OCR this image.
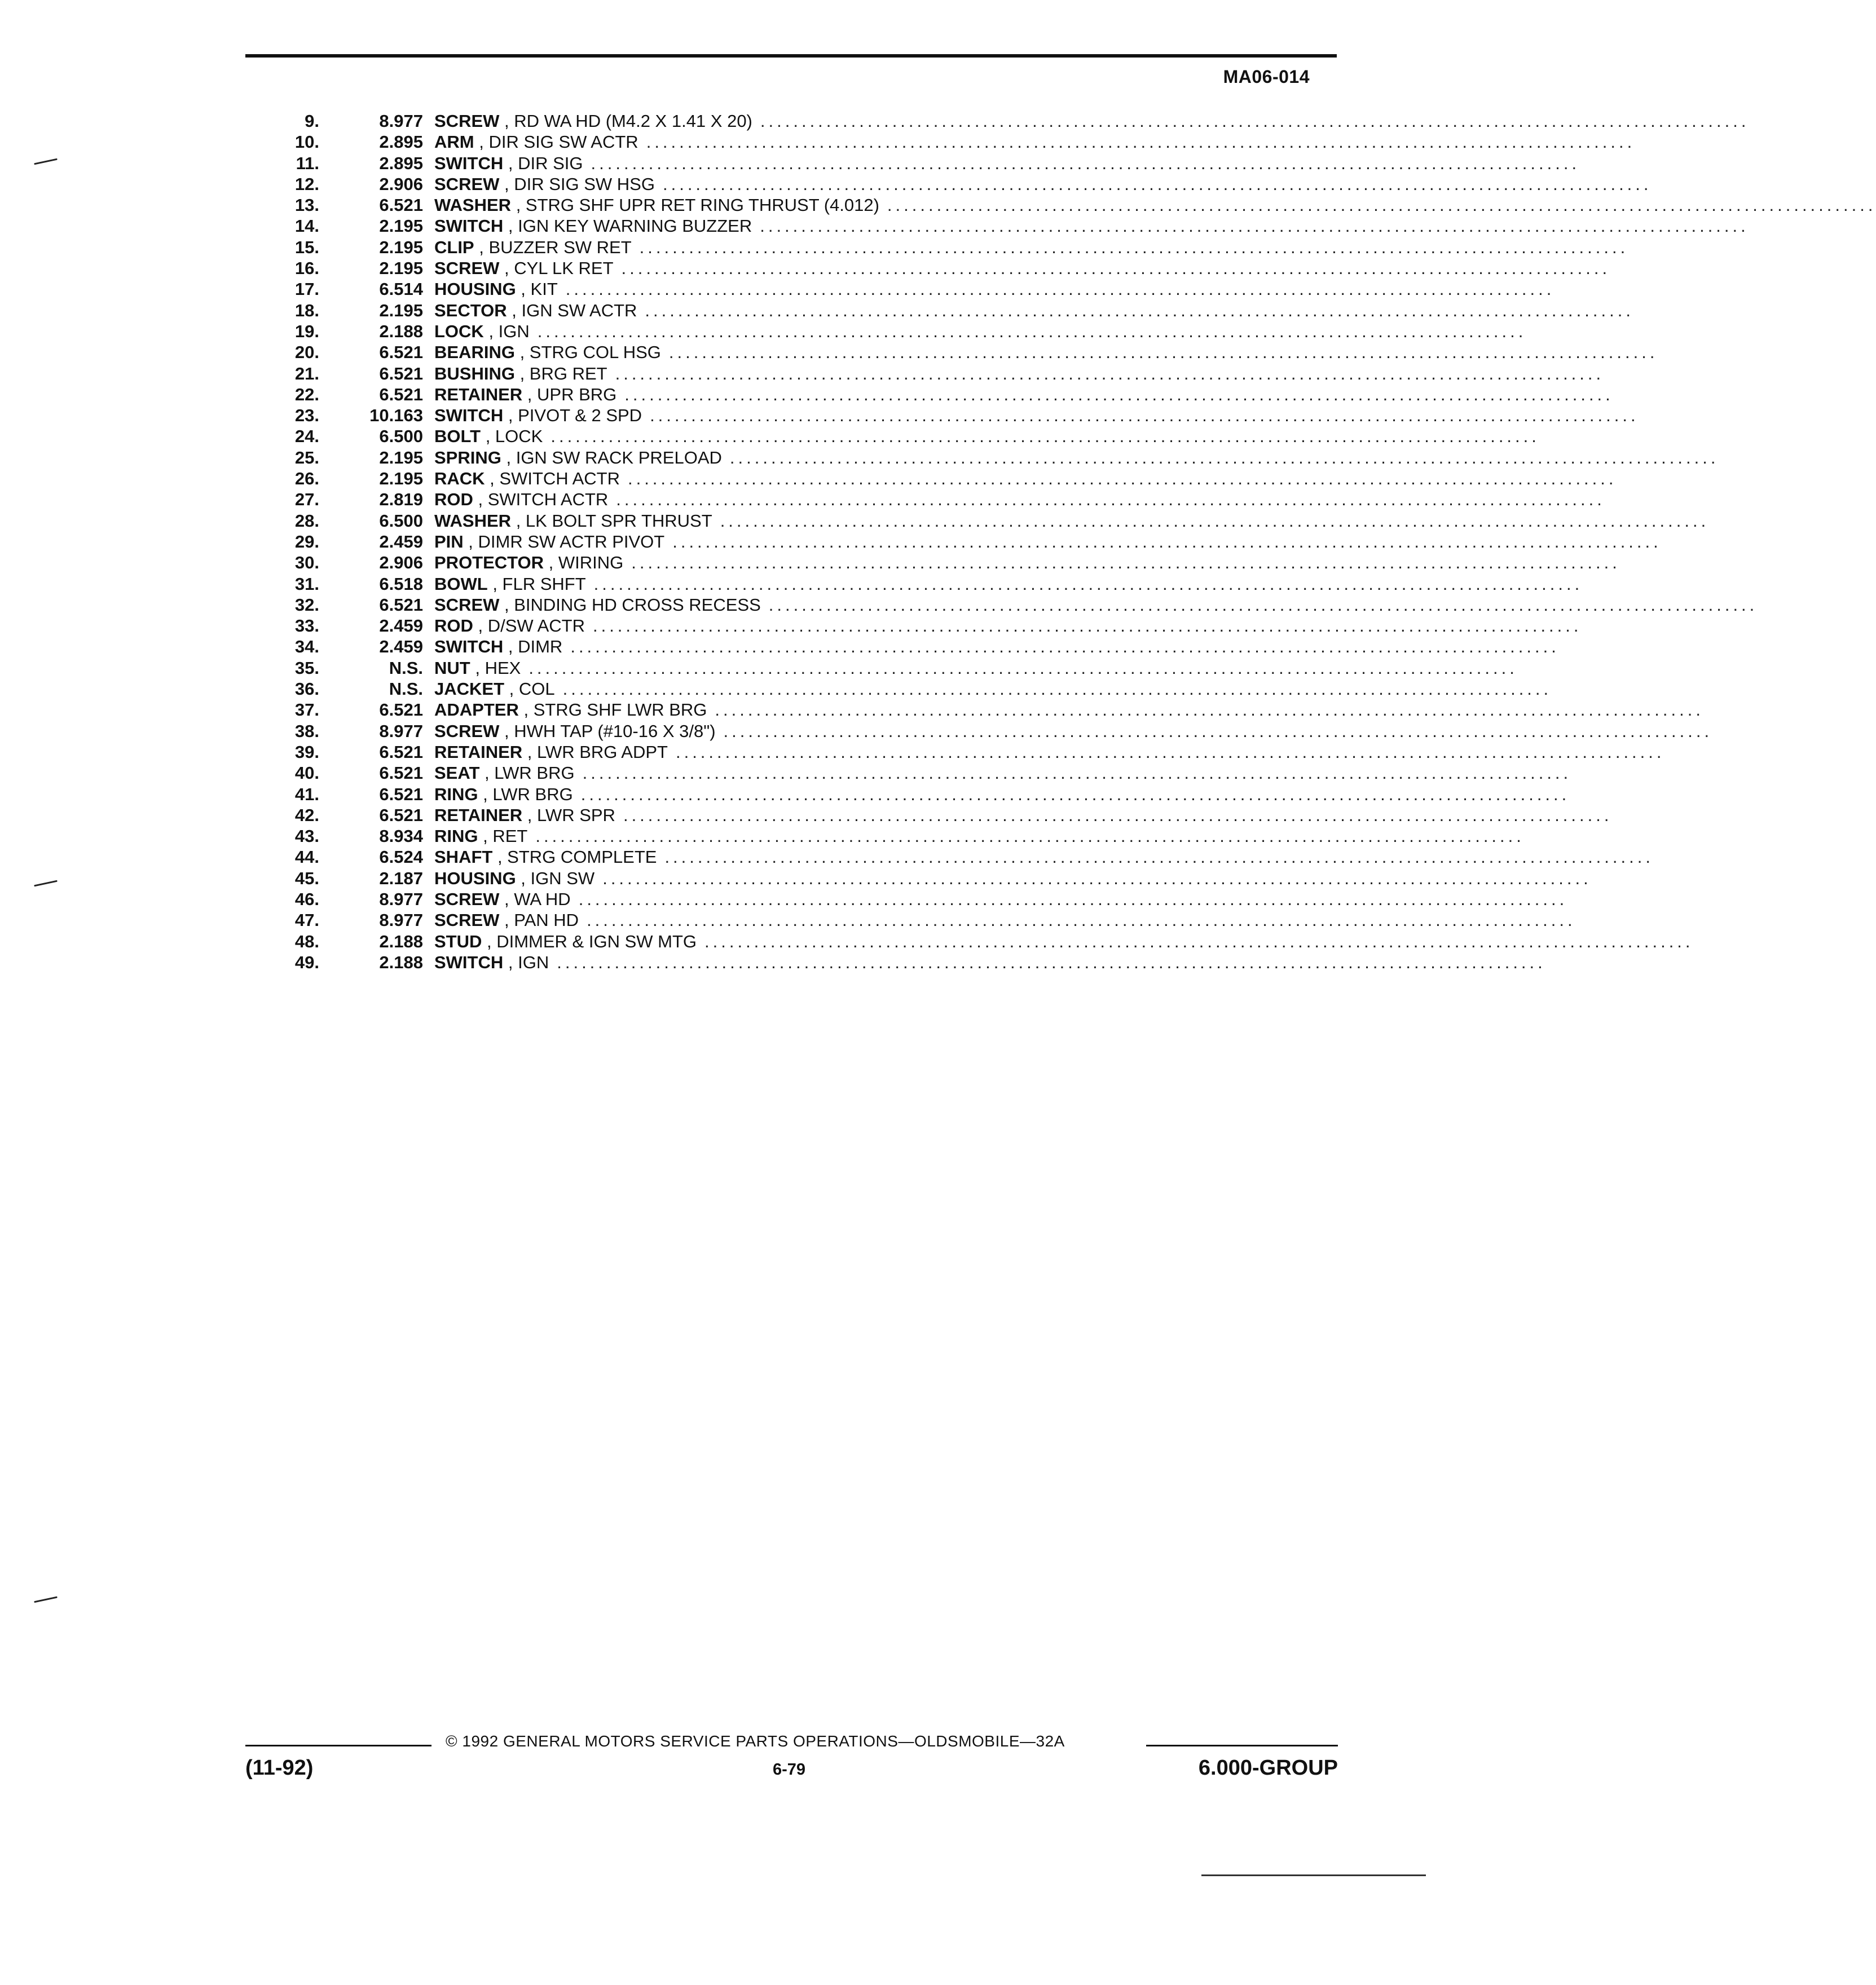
MA06-014
9.	8.977 SCREW , RD WA HD (M4.2 X 1.41 X 20) ........................................................................................................................
10.	2.895 ARM , DIR SIG SW ACTR ........................................................................................................................
11.	2.895 SWITCH , DIR SIG ........................................................................................................................
12.	2.906 SCREW , DIR SIG SW HSG ........................................................................................................................
13.	6.521 WASHER , STRG SHF UPR RET RING THRUST (4.012) ........................................................................................................................
14.	2.195 SWITCH , IGN KEY WARNING BUZZER ........................................................................................................................
15.	2.195 CLIP , BUZZER SW RET ........................................................................................................................
16.	2.195 SCREW , CYL LK RET ........................................................................................................................
17.	6.514 HOUSING , KIT ........................................................................................................................
18.	2.195 SECTOR , IGN SW ACTR ........................................................................................................................
19.	2.188 LOCK , IGN ........................................................................................................................
20.	6.521 BEARING , STRG COL HSG ........................................................................................................................
21.	6.521 BUSHING , BRG RET ........................................................................................................................
22.	6.521 RETAINER , UPR BRG ........................................................................................................................
23.	10.163 SWITCH , PIVOT & 2 SPD ........................................................................................................................
24.	6.500 BOLT , LOCK ........................................................................................................................
25.	2.195 SPRING , IGN SW RACK PRELOAD ........................................................................................................................
26.	2.195 RACK , SWITCH ACTR ........................................................................................................................
27.	2.819 ROD , SWITCH ACTR ........................................................................................................................
28.	6.500 WASHER , LK BOLT SPR THRUST ........................................................................................................................
29.	2.459 PIN , DIMR SW ACTR PIVOT ........................................................................................................................
30.	2.906 PROTECTOR , WIRING ........................................................................................................................
31.	6.518 BOWL , FLR SHFT ........................................................................................................................
32.	6.521 SCREW , BINDING HD CROSS RECESS ........................................................................................................................
33.	2.459 ROD , D/SW ACTR ........................................................................................................................
34.	2.459 SWITCH , DIMR ........................................................................................................................
35.	N.S. NUT , HEX ........................................................................................................................
36.	N.S. JACKET , COL ........................................................................................................................
37.	6.521 ADAPTER , STRG SHF LWR BRG ........................................................................................................................
38.	8.977 SCREW , HWH TAP (#10-16 X 3/8") ........................................................................................................................
39.	6.521 RETAINER , LWR BRG ADPT ........................................................................................................................
40.	6.521 SEAT , LWR BRG ........................................................................................................................
41.	6.521 RING , LWR BRG ........................................................................................................................
42.	6.521 RETAINER , LWR SPR ........................................................................................................................
43.	8.934 RING , RET ........................................................................................................................
44.	6.524 SHAFT , STRG COMPLETE ........................................................................................................................
45.	2.187 HOUSING , IGN SW ........................................................................................................................
46.	8.977 SCREW , WA HD ........................................................................................................................
47.	8.977 SCREW , PAN HD ........................................................................................................................
48.	2.188 STUD , DIMMER & IGN SW MTG ........................................................................................................................
49.	2.188 SWITCH , IGN ........................................................................................................................
© 1992 GENERAL MOTORS SERVICE PARTS OPERATIONS—OLDSMOBILE—32A
(11-92)	6-79	6.000-GROUP
